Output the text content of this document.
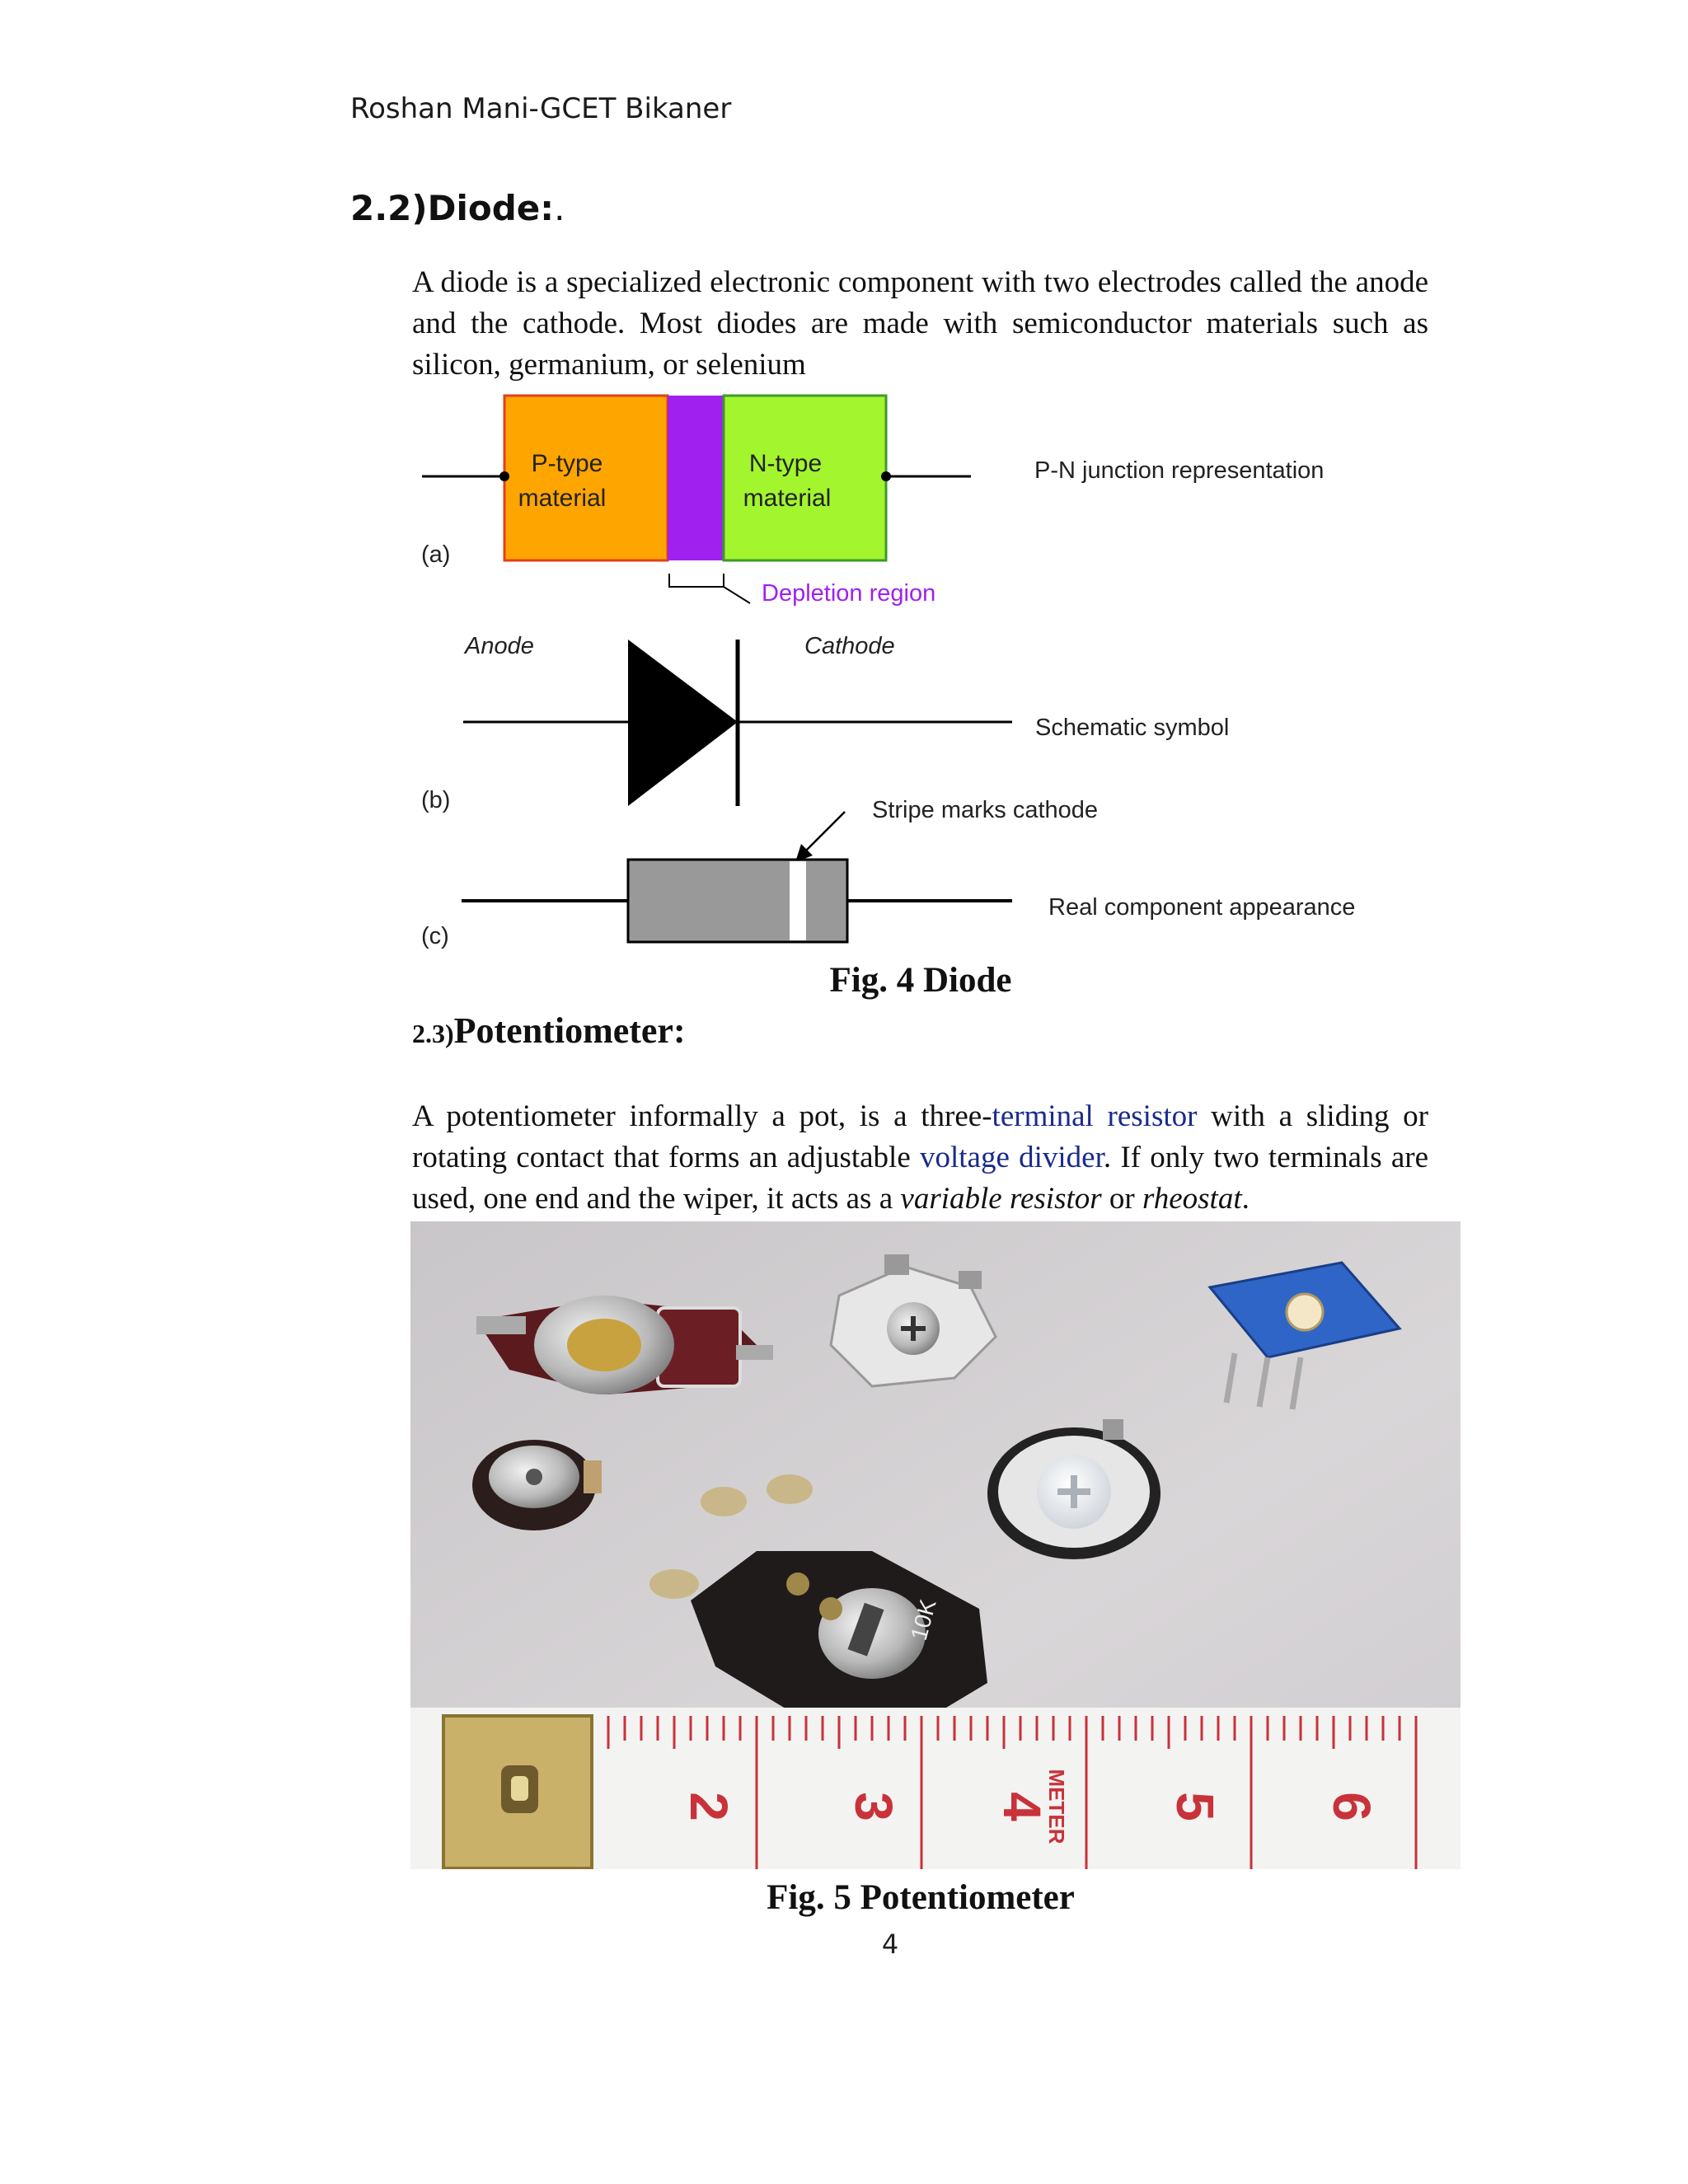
Roshan Mani-GCET Bikaner
2.2)Diode:.
A diode is a specialized electronic component with two electrodes called the anode and the cathode. Most diodes are made with semiconductor materials such as silicon, germanium, or selenium
P-type
material
N-type
material
P-N junction representation
(a)
Depletion region
Anode	Cathode
Schematic symbol
(b)	Stripe marks cathode
Real component appearance
(c)
Fig. 4 Diode
2.3)Potentiometer:
A potentiometer informally a pot, is a three-terminal resistor with a sliding or rotating contact that forms an adjustable voltage divider. If only two terminals are used, one end and the wiper, it acts as a variable resistor or rheostat.
10K
2 3 4
METER 5 6
Fig. 5 Potentiometer
4
